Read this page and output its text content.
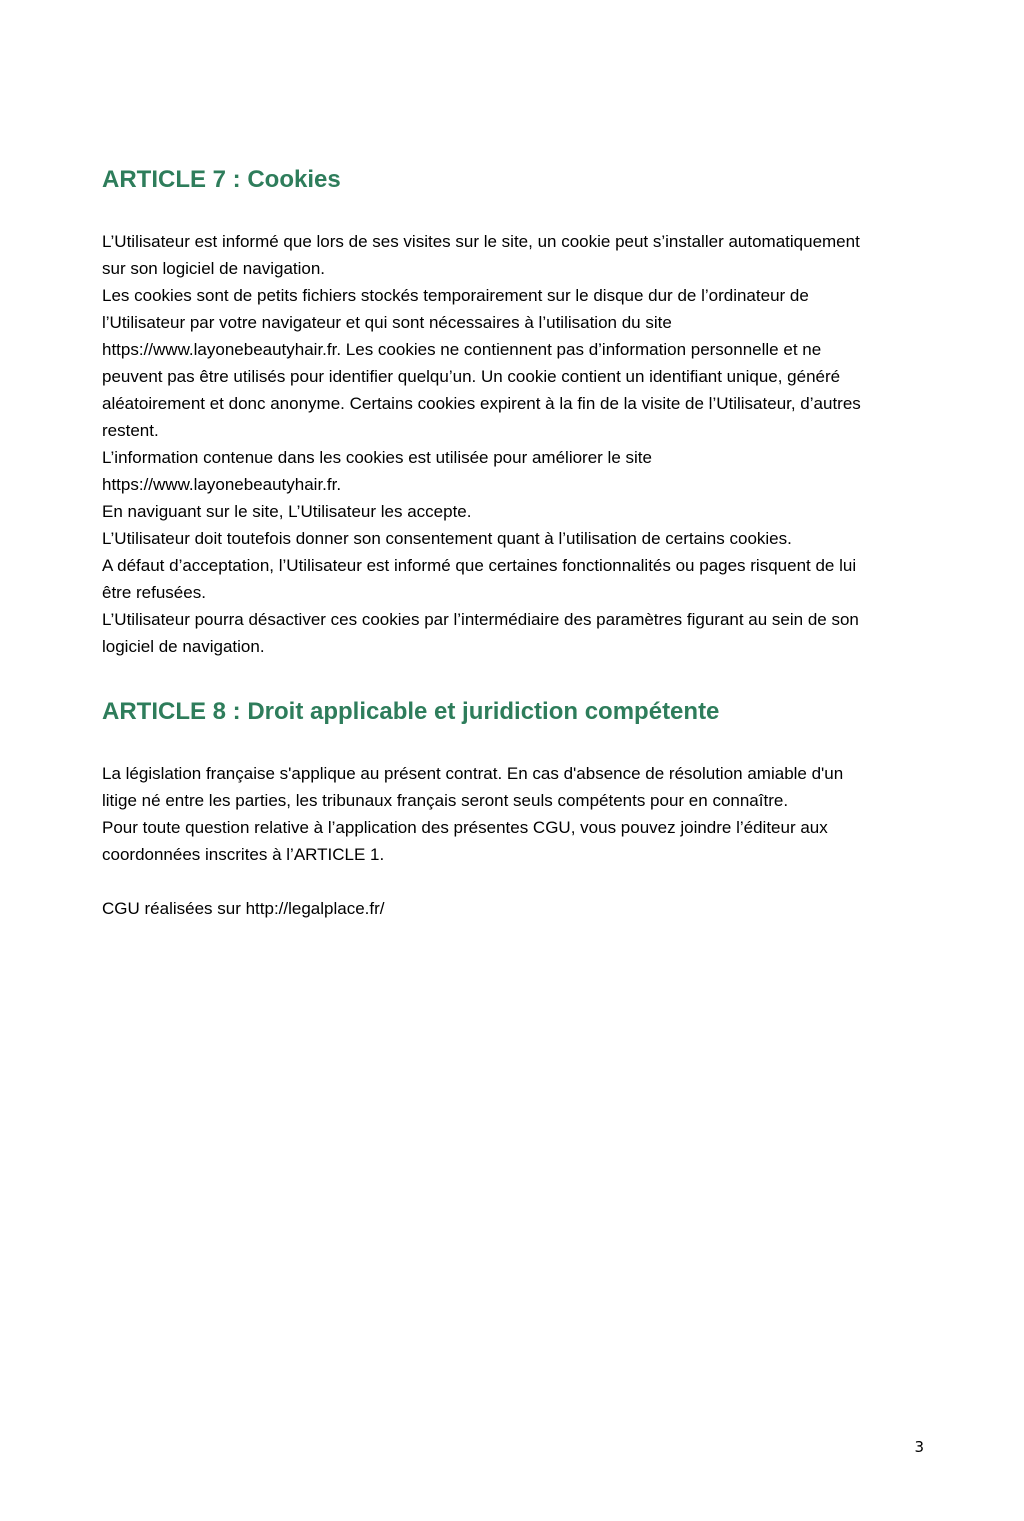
ARTICLE 7 : Cookies

L’Utilisateur est informé que lors de ses visites sur le site, un cookie peut s’installer automatiquement

sur son logiciel de navigation.

Les cookies sont de petits fichiers stockés temporairement sur le disque dur de l’ordinateur de

l’Utilisateur par votre navigateur et qui sont nécessaires à l’utilisation du site

https://www.layonebeautyhair.fr. Les cookies ne contiennent pas d’information personnelle et ne

peuvent pas être utilisés pour identifier quelqu’un. Un cookie contient un identifiant unique, généré

aléatoirement et donc anonyme. Certains cookies expirent à la fin de la visite de l’Utilisateur, d’autres

restent.

L’information contenue dans les cookies est utilisée pour améliorer le site

https://www.layonebeautyhair.fr.

En naviguant sur le site, L’Utilisateur les accepte.

L’Utilisateur doit toutefois donner son consentement quant à l’utilisation de certains cookies.

A défaut d’acceptation, l’Utilisateur est informé que certaines fonctionnalités ou pages risquent de lui

être refusées.

L’Utilisateur pourra désactiver ces cookies par l’intermédiaire des paramètres figurant au sein de son

logiciel de navigation.

ARTICLE 8 : Droit applicable et juridiction compétente

La législation française s'applique au présent contrat. En cas d'absence de résolution amiable d'un

litige né entre les parties, les tribunaux français seront seuls compétents pour en connaître.

Pour toute question relative à l’application des présentes CGU, vous pouvez joindre l’éditeur aux

coordonnées inscrites à l’ARTICLE 1.

CGU réalisées sur http://legalplace.fr/

3
